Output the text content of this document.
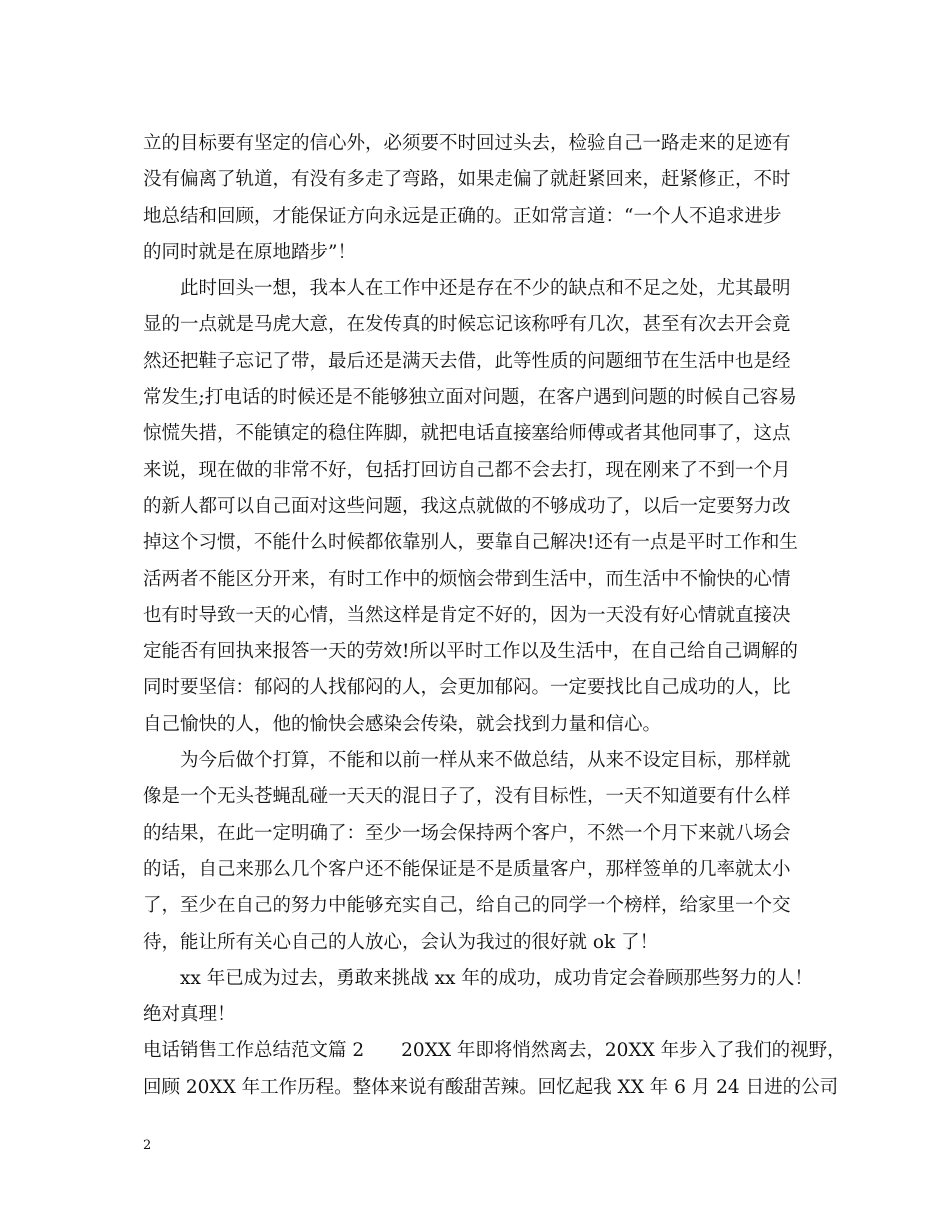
立的目标要有坚定的信心外，必须要不时回过头去，检验自己一路走来的足迹有
没有偏离了轨道，有没有多走了弯路，如果走偏了就赶紧回来，赶紧修正，不时
地总结和回顾，才能保证方向永远是正确的。正如常言道：“一个人不追求进步
的同时就是在原地踏步”！
此时回头一想，我本人在工作中还是存在不少的缺点和不足之处，尤其最明
显的一点就是马虎大意，在发传真的时候忘记该称呼有几次，甚至有次去开会竟
然还把鞋子忘记了带，最后还是满天去借，此等性质的问题细节在生活中也是经
常发生;打电话的时候还是不能够独立面对问题，在客户遇到问题的时候自己容易
惊慌失措，不能镇定的稳住阵脚，就把电话直接塞给师傅或者其他同事了，这点
来说，现在做的非常不好，包括打回访自己都不会去打，现在刚来了不到一个月
的新人都可以自己面对这些问题，我这点就做的不够成功了，以后一定要努力改
掉这个习惯，不能什么时候都依靠别人，要靠自己解决!还有一点是平时工作和生
活两者不能区分开来，有时工作中的烦恼会带到生活中，而生活中不愉快的心情
也有时导致一天的心情，当然这样是肯定不好的，因为一天没有好心情就直接决
定能否有回执来报答一天的劳效!所以平时工作以及生活中，在自己给自己调解的
同时要坚信：郁闷的人找郁闷的人，会更加郁闷。一定要找比自己成功的人，比
自己愉快的人，他的愉快会感染会传染，就会找到力量和信心。
为今后做个打算，不能和以前一样从来不做总结，从来不设定目标，那样就
像是一个无头苍蝇乱碰一天天的混日子了，没有目标性，一天不知道要有什么样
的结果，在此一定明确了：至少一场会保持两个客户，不然一个月下来就八场会
的话，自己来那么几个客户还不能保证是不是质量客户，那样签单的几率就太小
了，至少在自己的努力中能够充实自己，给自己的同学一个榜样，给家里一个交
待，能让所有关心自己的人放心，会认为我过的很好就 ok 了！
xx 年已成为过去，勇敢来挑战 xx 年的成功，成功肯定会眷顾那些努力的人！
绝对真理！
电话销售工作总结范文篇 2　　20XX 年即将悄然离去，20XX 年步入了我们的视野，
回顾 20XX 年工作历程。整体来说有酸甜苦辣。回忆起我 XX 年 6 月 24 日进的公司
2
